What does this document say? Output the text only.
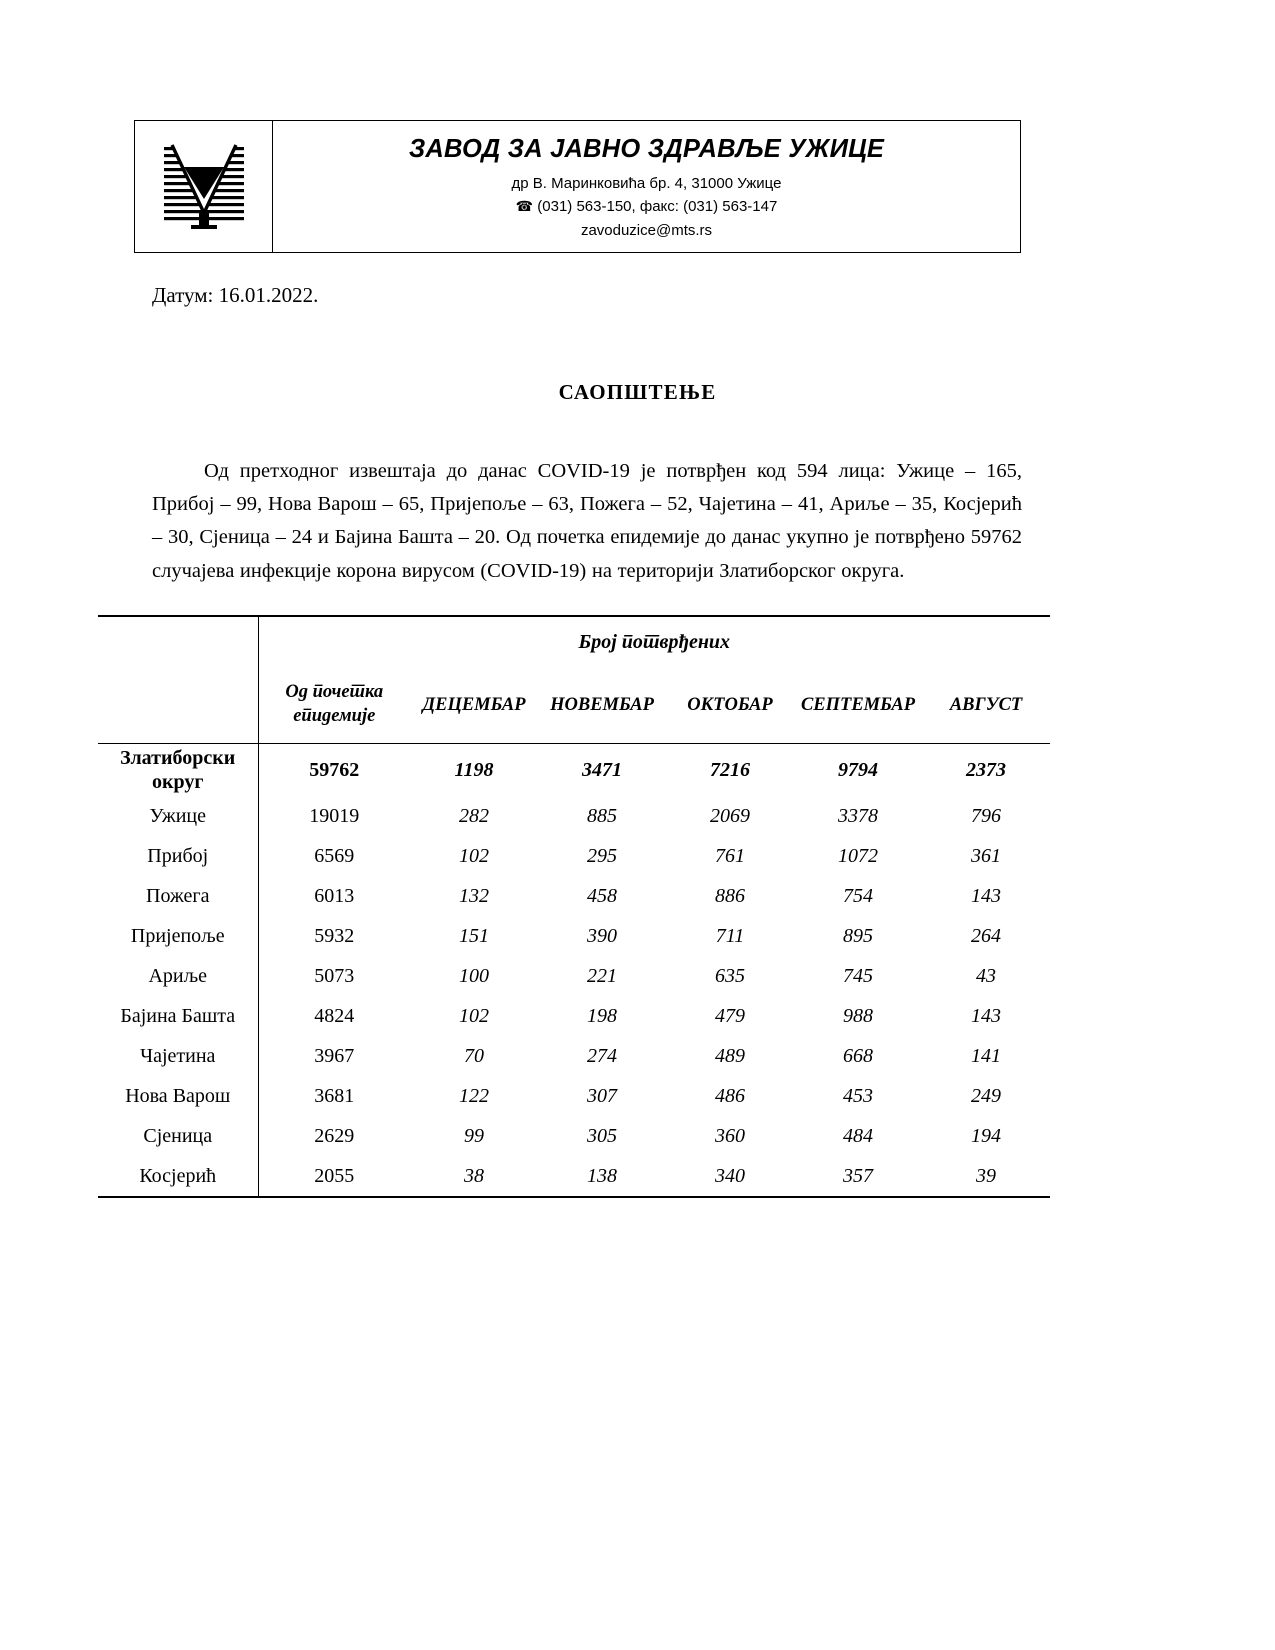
ЗАВОД ЗА ЈАВНО ЗДРАВЉЕ УЖИЦЕ
др В. Маринковића бр. 4, 31000 Ужице
☎ (031) 563-150, факс: (031) 563-147
zavoduzice@mts.rs
Датум: 16.01.2022.
САОПШТЕЊЕ
Од претходног извештаја до данас COVID-19 је потврђен код 594 лица: Ужице – 165, Прибој – 99, Нова Варош – 65, Пријепоље – 63, Пожега – 52, Чајетина – 41, Ариље – 35, Косјерић – 30, Сјеница – 24 и Бајина Башта – 20. Од почетка епидемије до данас укупно је потврђено 59762 случајева инфекције корона вирусом (COVID-19) на територији Златиборског округа.
	Број потврђених					
	Од почетка епидемије	ДЕЦЕМБАР	НОВЕМБАР	ОКТОБАР	СЕПТЕМБАР	АВГУСТ
Златиборски округ	59762	1198	3471	7216	9794	2373
Ужице	19019	282	885	2069	3378	796
Прибој	6569	102	295	761	1072	361
Пожега	6013	132	458	886	754	143
Пријепоље	5932	151	390	711	895	264
Ариље	5073	100	221	635	745	43
Бајина Башта	4824	102	198	479	988	143
Чајетина	3967	70	274	489	668	141
Нова Варош	3681	122	307	486	453	249
Сјеница	2629	99	305	360	484	194
Косјерић	2055	38	138	340	357	39
